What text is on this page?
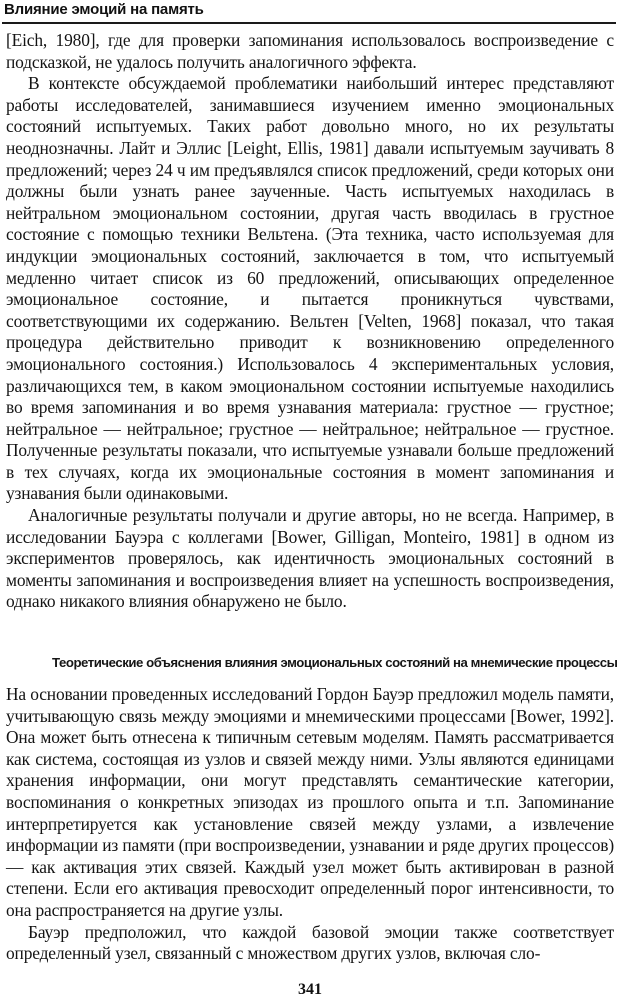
Влияние эмоций на память

[Eich, 1980], где для проверки запоминания использовалось воспроизведение с подсказкой, не удалось получить аналогичного эффекта.

В контексте обсуждаемой проблематики наибольший интерес представляют работы исследователей, занимавшиеся изучением именно эмоциональных состояний испытуемых. Таких работ довольно много, но их результаты неоднозначны. Лайт и Эллис [Leight, Ellis, 1981] давали испытуемым заучивать 8 предложений; через 24 ч им предъявлялся список предложений, среди которых они должны были узнать ранее заученные. Часть испытуемых находилась в нейтральном эмоциональном состоянии, другая часть вводилась в грустное состояние с помощью техники Вельтена. (Эта техника, часто используемая для индукции эмоциональных состояний, заключается в том, что испытуемый медленно читает список из 60 предложений, описывающих определенное эмоциональное состояние, и пытается проникнуться чувствами, соответствующими их содержанию. Вельтен [Velten, 1968] показал, что такая процедура действительно приводит к возникновению определенного эмоционального состояния.) Использовалось 4 экспериментальных условия, различающихся тем, в каком эмоциональном состоянии испытуемые находились во время запоминания и во время узнавания материала: грустное — грустное; нейтральное — нейтральное; грустное — нейтральное; нейтральное — грустное. Полученные результаты показали, что испытуемые узнавали больше предложений в тех случаях, когда их эмоциональные состояния в момент запоминания и узнавания были одинаковыми.

Аналогичные результаты получали и другие авторы, но не всегда. Например, в исследовании Бауэра с коллегами [Bower, Gilligan, Monteiro, 1981] в одном из экспериментов проверялось, как идентичность эмоциональных состояний в моменты запоминания и воспроизведения влияет на успешность воспроизведения, однако никакого влияния обнаружено не было.

Теоретические объяснения влияния эмоциональных состояний на мнемические процессы

На основании проведенных исследований Гордон Бауэр предложил модель памяти, учитывающую связь между эмоциями и мнемическими процессами [Bower, 1992]. Она может быть отнесена к типичным сетевым моделям. Память рассматривается как система, состоящая из узлов и связей между ними. Узлы являются единицами хранения информации, они могут представлять семантические категории, воспоминания о конкретных эпизодах из прошлого опыта и т.п. Запоминание интерпретируется как установление связей между узлами, а извлечение информации из памяти (при воспроизведении, узнавании и ряде других процессов) — как активация этих связей. Каждый узел может быть активирован в разной степени. Если его активация превосходит определенный порог интенсивности, то она распространяется на другие узлы.

Бауэр предположил, что каждой базовой эмоции также соответствует определенный узел, связанный с множеством других узлов, включая сло-

341
